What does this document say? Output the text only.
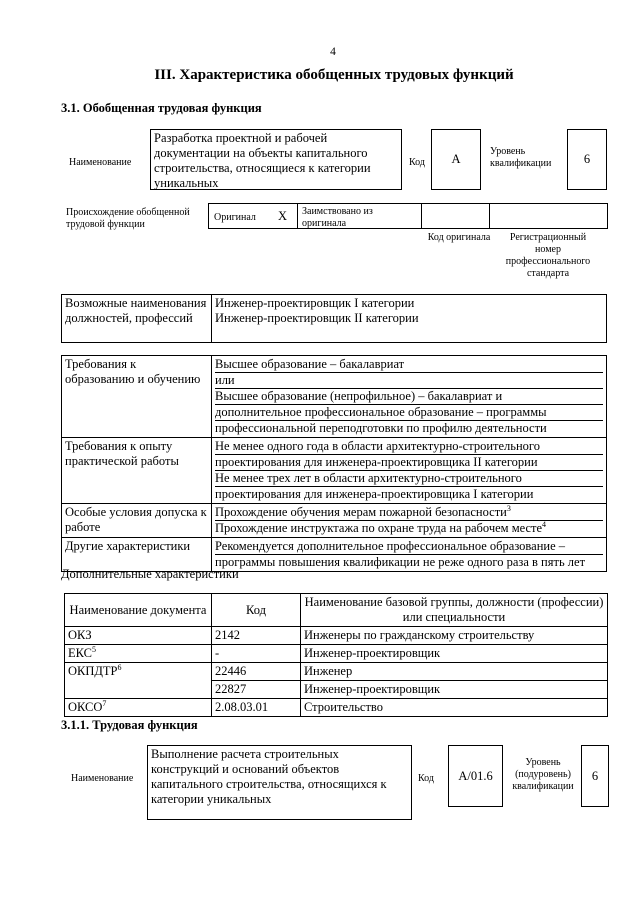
4
III. Характеристика обобщенных трудовых функций
3.1. Обобщенная трудовая функция
Наименование
Разработка проектной и рабочей документации на объекты капитального строительства, относящиеся к категории уникальных
Код	А
Уровень квалификации	6
Происхождение обобщенной трудовой функции
Оригинал Х Заимствовано из оригинала
Код оригинала	Регистрационный номер профессионального стандарта
Возможные наименования должностей, профессий	
Инженер-проектировщик I категории
Инженер-проектировщик II категории
Требования к образованию и обучению	Высшее образование – бакалавриат
или
Высшее образование (непрофильное) – бакалавриат и
дополнительное профессиональное образование – программы
профессиональной переподготовки по профилю деятельности

Требования к опыту практической работы	Не менее одного года в области архитектурно-строительного
проектирования для инженера-проектировщика II категории
Не менее трех лет в области архитектурно-строительного
проектирования для инженера-проектировщика I категории

Особые условия допуска к работе	Прохождение обучения мерам пожарной безопасности$^3$
Прохождение инструктажа по охране труда на рабочем месте$^4$

Другие характеристики	Рекомендуется дополнительное профессиональное образование –
программы повышения квалификации не реже одного раза в пять лет
Дополнительные характеристики
Наименование документа	Код	Наименование базовой группы, должности (профессии) или специальности
ОКЗ	2142	Инженеры по гражданскому строительству
ЕКС$^5$	-	Инженер-проектировщик
ОКПДТР$^6$	22446	Инженер
	22827	Инженер-проектировщик
ОКСО$^7$	2.08.03.01	Строительство
3.1.1. Трудовая функция
Наименование
Выполнение расчета строительных конструкций и оснований объектов капитального строительства, относящихся к категории уникальных
Код	А/01.6
Уровень (подуровень) квалификации
6
